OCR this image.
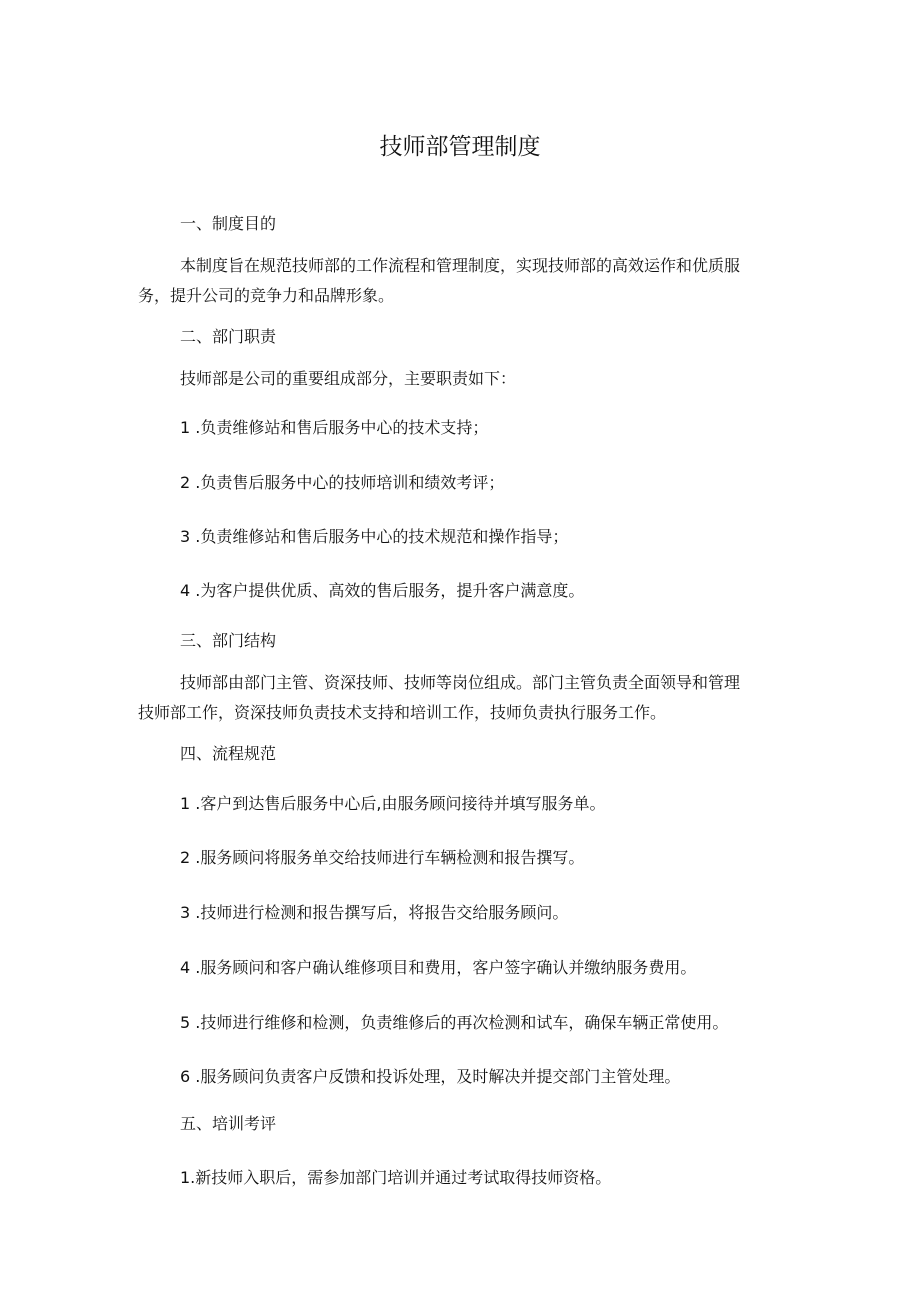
技师部管理制度
一、制度目的
本制度旨在规范技师部的工作流程和管理制度，实现技师部的高效运作和优质服
务，提升公司的竞争力和品牌形象。
二、部门职责
技师部是公司的重要组成部分，主要职责如下：
1 .负责维修站和售后服务中心的技术支持；
2 .负责售后服务中心的技师培训和绩效考评；
3 .负责维修站和售后服务中心的技术规范和操作指导；
4 .为客户提供优质、高效的售后服务，提升客户满意度。
三、部门结构
技师部由部门主管、资深技师、技师等岗位组成。部门主管负责全面领导和管理
技师部工作，资深技师负责技术支持和培训工作，技师负责执行服务工作。
四、流程规范
1 .客户到达售后服务中心后,由服务顾问接待并填写服务单。
2 .服务顾问将服务单交给技师进行车辆检测和报告撰写。
3 .技师进行检测和报告撰写后，将报告交给服务顾问。
4 .服务顾问和客户确认维修项目和费用，客户签字确认并缴纳服务费用。
5 .技师进行维修和检测，负责维修后的再次检测和试车，确保车辆正常使用。
6 .服务顾问负责客户反馈和投诉处理，及时解决并提交部门主管处理。
五、培训考评
1.新技师入职后，需参加部门培训并通过考试取得技师资格。
